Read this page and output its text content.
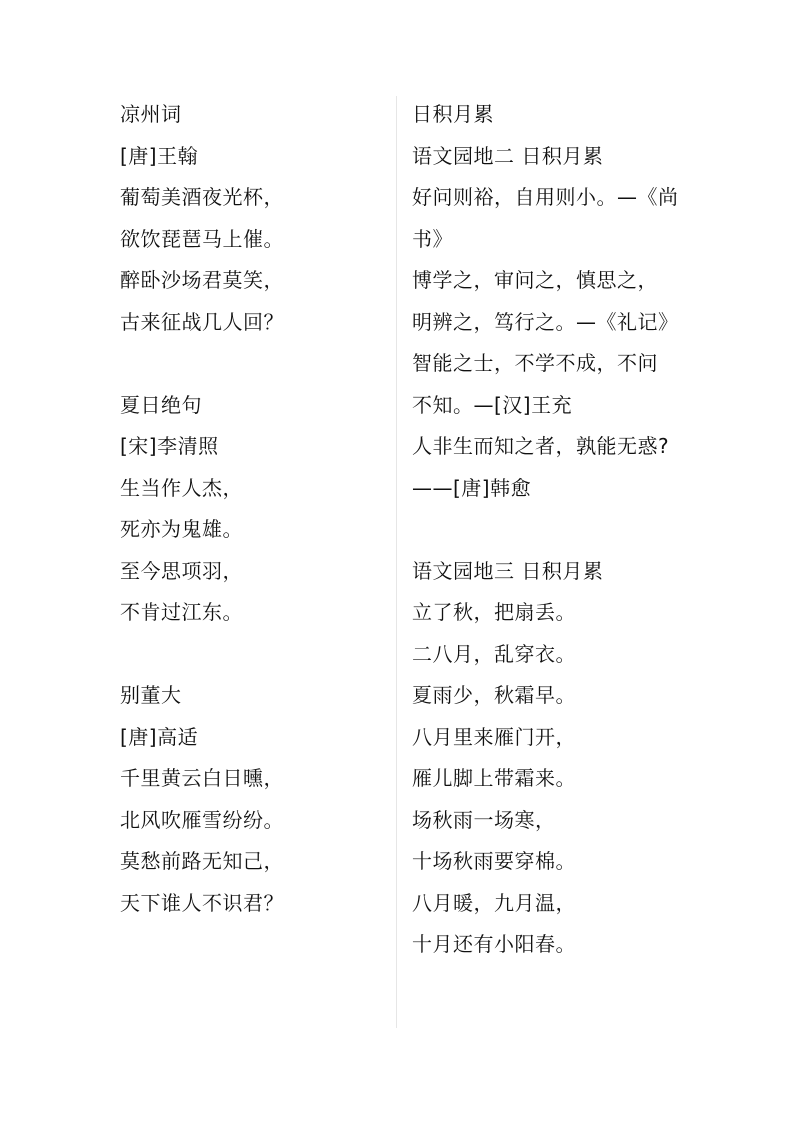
凉州词
[唐]王翰
葡萄美酒夜光杯，
欲饮琵琶马上催。
醉卧沙场君莫笑，
古来征战几人回？
夏日绝句
[宋]李清照
生当作人杰，
死亦为鬼雄。
至今思项羽，
不肯过江东。
别董大
[唐]高适
千里黄云白日曛，
北风吹雁雪纷纷。
莫愁前路无知己，
天下谁人不识君？
日积月累
语文园地二 日积月累
好问则裕，自用则小。—《尚
书》
博学之，审问之，慎思之，
明辨之，笃行之。—《礼记》
智能之士，不学不成，不问
不知。—[汉]王充
人非生而知之者，孰能无惑?
——[唐]韩愈
语文园地三 日积月累
立了秋，把扇丢。
二八月，乱穿衣。
夏雨少，秋霜早。
八月里来雁门开，
雁儿脚上带霜来。
场秋雨一场寒，
十场秋雨要穿棉。
八月暖，九月温，
十月还有小阳春。
